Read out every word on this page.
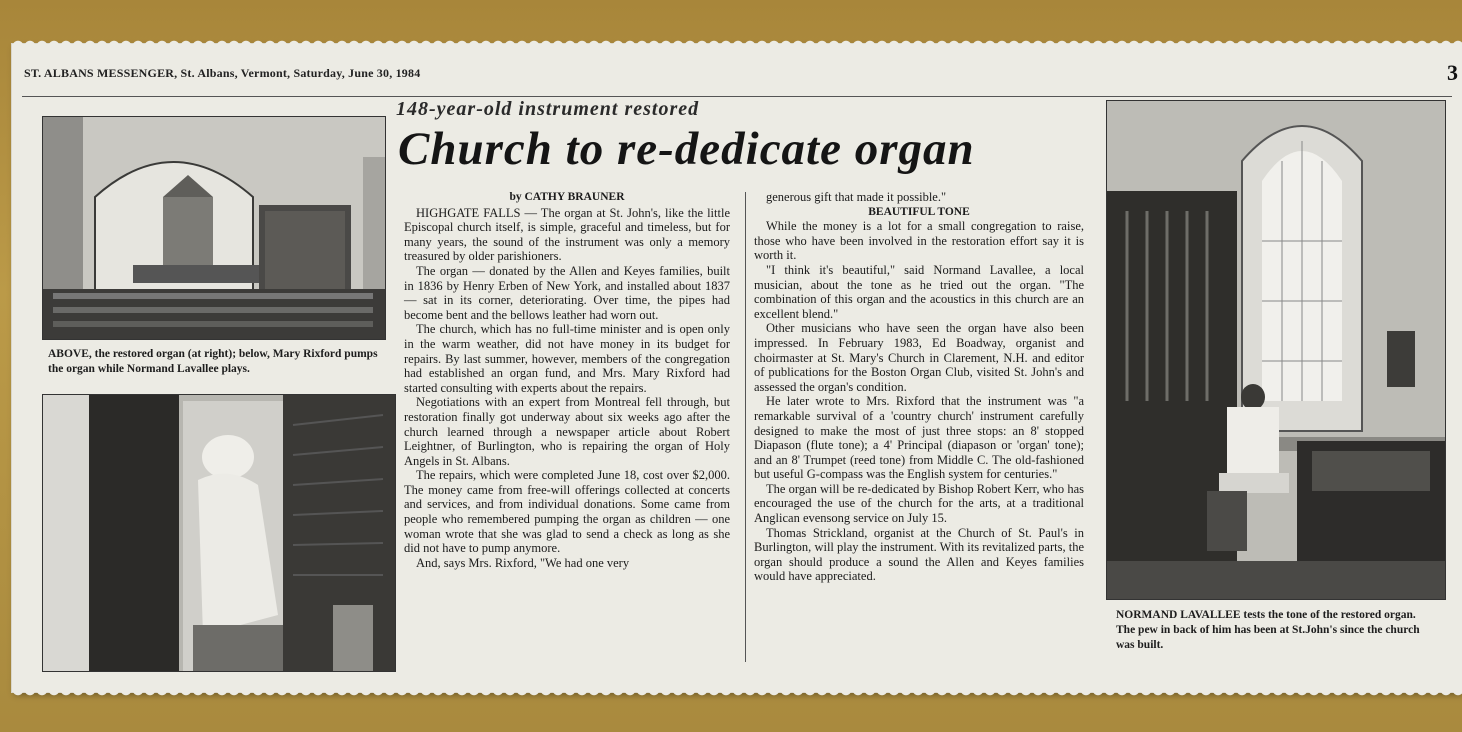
ST. ALBANS MESSENGER, St. Albans, Vermont, Saturday, June 30, 1984	3
ABOVE, the restored organ (at right); below, Mary Rixford pumps the organ while Normand Lavallee plays.
148-year-old instrument restored
Church to re-dedicate organ
by CATHY BRAUNER

HIGHGATE FALLS — The organ at St. John's, like the little Episcopal church itself, is simple, graceful and timeless, but for many years, the sound of the instrument was only a memory treasured by older parishioners.

The organ — donated by the Allen and Keyes families, built in 1836 by Henry Erben of New York, and installed about 1837 — sat in its corner, deteriorating. Over time, the pipes had become bent and the bellows leather had worn out.

The church, which has no full-time minister and is open only in the warm weather, did not have money in its budget for repairs. By last summer, however, members of the congregation had established an organ fund, and Mrs. Mary Rixford had started consulting with experts about the repairs.

Negotiations with an expert from Montreal fell through, but restoration finally got underway about six weeks ago after the church learned through a newspaper article about Robert Leightner, of Burlington, who is repairing the organ of Holy Angels in St. Albans.

The repairs, which were completed June 18, cost over $2,000. The money came from free-will offerings collected at concerts and services, and from individual donations. Some came from people who remembered pumping the organ as children — one woman wrote that she was glad to send a check as long as she did not have to pump anymore.

And, says Mrs. Rixford, "We had one very

generous gift that made it possible."

BEAUTIFUL TONE

While the money is a lot for a small congregation to raise, those who have been involved in the restoration effort say it is worth it.

"I think it's beautiful," said Normand Lavallee, a local musician, about the tone as he tried out the organ. "The combination of this organ and the acoustics in this church are an excellent blend."

Other musicians who have seen the organ have also been impressed. In February 1983, Ed Boadway, organist and choirmaster at St. Mary's Church in Clarement, N.H. and editor of publications for the Boston Organ Club, visited St. John's and assessed the organ's condition.

He later wrote to Mrs. Rixford that the instrument was "a remarkable survival of a 'country church' instrument carefully designed to make the most of just three stops: an 8' stopped Diapason (flute tone); a 4' Principal (diapason or 'organ' tone); and an 8' Trumpet (reed tone) from Middle C. The old-fashioned but useful G-compass was the English system for centuries."

The organ will be re-dedicated by Bishop Robert Kerr, who has encouraged the use of the church for the arts, at a traditional Anglican evensong service on July 15.

Thomas Strickland, organist at the Church of St. Paul's in Burlington, will play the instrument. With its revitalized parts, the organ should produce a sound the Allen and Keyes families would have appreciated.

NORMAND LAVALLEE tests the tone of the restored organ. The pew in back of him has been at St.John's since the church was built.
